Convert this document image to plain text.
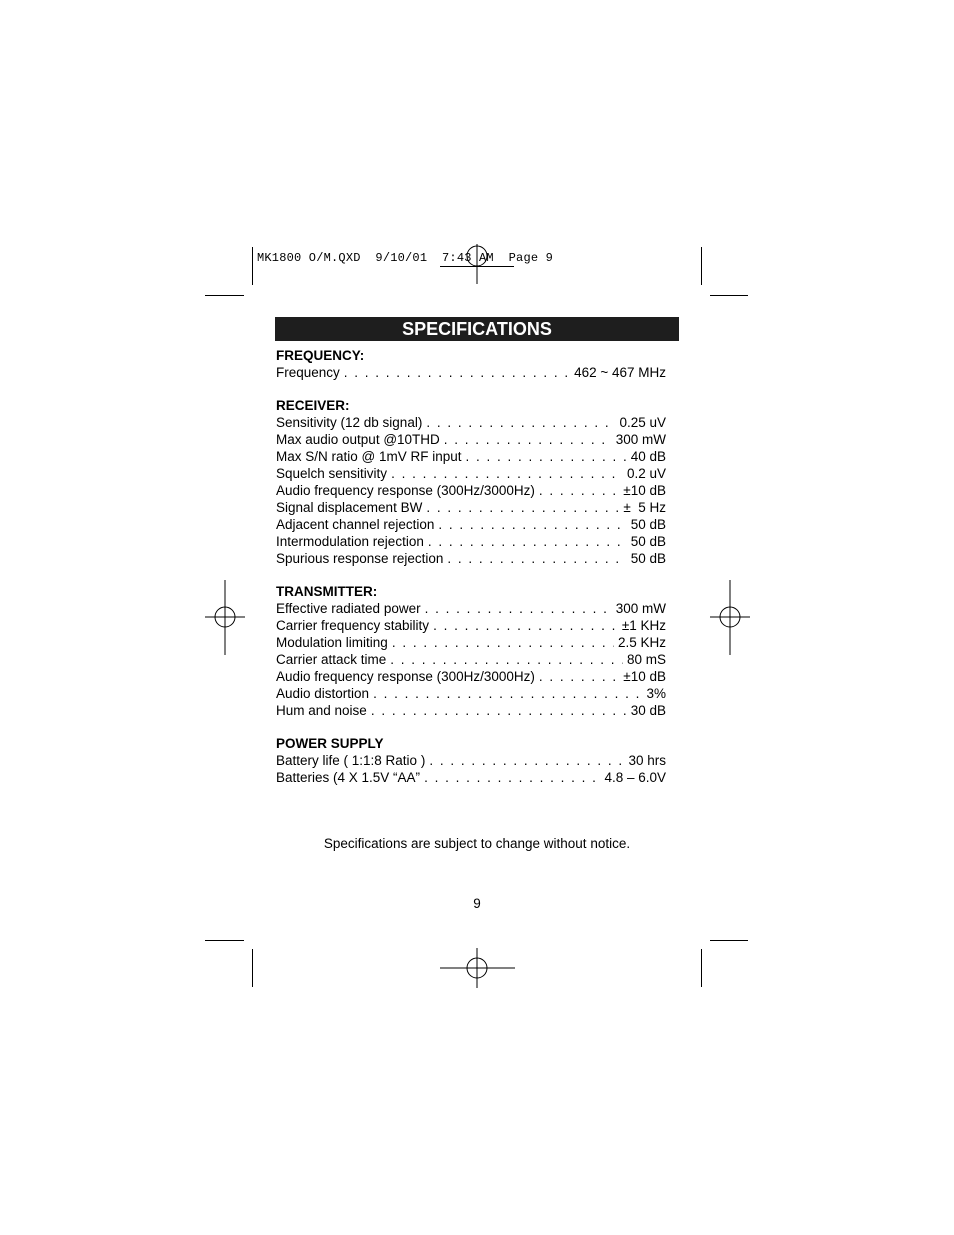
MK1800 O/M.QXD  9/10/01  7:43 AM  Page 9
SPECIFICATIONS
FREQUENCY:
Frequency . . .	462 ~ 467 MHz
RECEIVER:
Sensitivity (12 db signal) . . .	0.25 uV
Max audio output @10THD . . .	300 mW
Max S/N ratio @ 1mV RF input . . .	40 dB
Squelch sensitivity . . .	0.2 uV
Audio frequency response (300Hz/3000Hz) . . .	±10 dB
Signal displacement BW . . .	±  5 Hz
Adjacent channel rejection . . .	50 dB
Intermodulation rejection . . .	50 dB
Spurious response rejection . . .	50 dB
TRANSMITTER:
Effective radiated power . . .	300 mW
Carrier frequency stability . . .	±1 KHz
Modulation limiting . . .	2.5 KHz
Carrier attack time . . .	80 mS
Audio frequency response (300Hz/3000Hz) . . .	±10 dB
Audio distortion . . .	3%
Hum and noise . . .	30 dB
POWER SUPPLY
Battery life ( 1:1:8 Ratio ) . . .	30 hrs
Batteries (4 X 1.5V “AA” . . .	4.8 – 6.0V
Specifications are subject to change without notice.
9
